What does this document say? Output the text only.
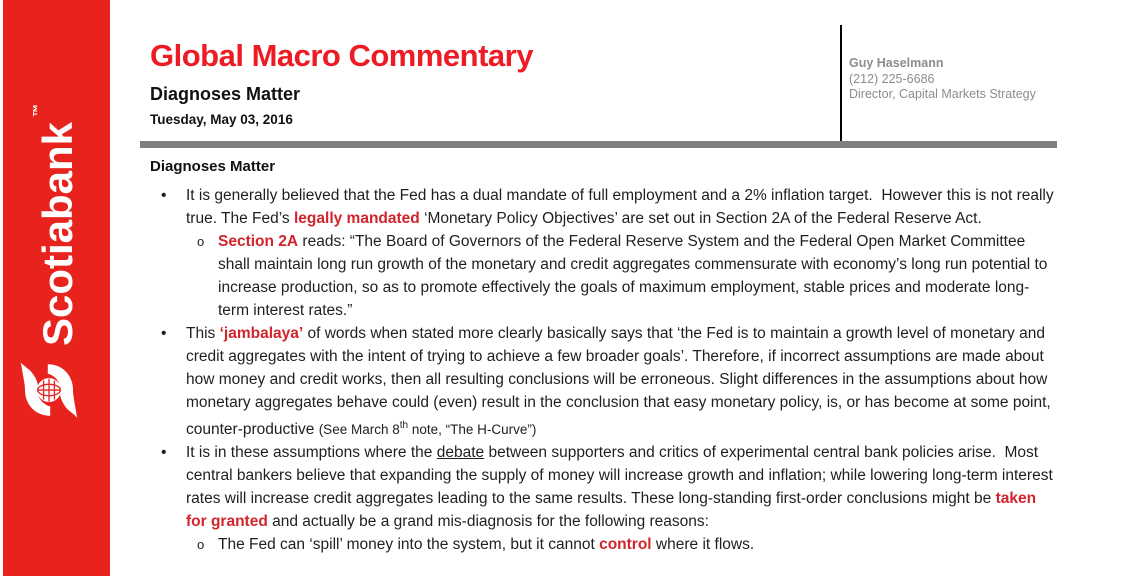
Scotiabank
™
Global Macro Commentary
Diagnoses Matter
Tuesday, May 03, 2016
Guy Haselmann
(212) 225-6686
Director, Capital Markets Strategy
Diagnoses Matter
• It is generally believed that the Fed has a dual mandate of full employment and a 2% inflation target.  However this is not really true. The Fed’s legally mandated ‘Monetary Policy Objectives’ are set out in Section 2A of the Federal Reserve Act.
o Section 2A reads: “The Board of Governors of the Federal Reserve System and the Federal Open Market Committee shall maintain long run growth of the monetary and credit aggregates commensurate with economy’s long run potential to increase production, so as to promote effectively the goals of maximum employment, stable prices and moderate long-term interest rates.”
• This ‘jambalaya’ of words when stated more clearly basically says that ‘the Fed is to maintain a growth level of monetary and credit aggregates with the intent of trying to achieve a few broader goals’. Therefore, if incorrect assumptions are made about how money and credit works, then all resulting conclusions will be erroneous. Slight differences in the assumptions about how monetary aggregates behave could (even) result in the conclusion that easy monetary policy, is, or has become at some point, counter-productive (See March 8th note, “The H-Curve”)
• It is in these assumptions where the debate between supporters and critics of experimental central bank policies arise.  Most central bankers believe that expanding the supply of money will increase growth and inflation; while lowering long-term interest rates will increase credit aggregates leading to the same results. These long-standing first-order conclusions might be taken for granted and actually be a grand mis-diagnosis for the following reasons:
o The Fed can ‘spill’ money into the system, but it cannot control where it flows.
